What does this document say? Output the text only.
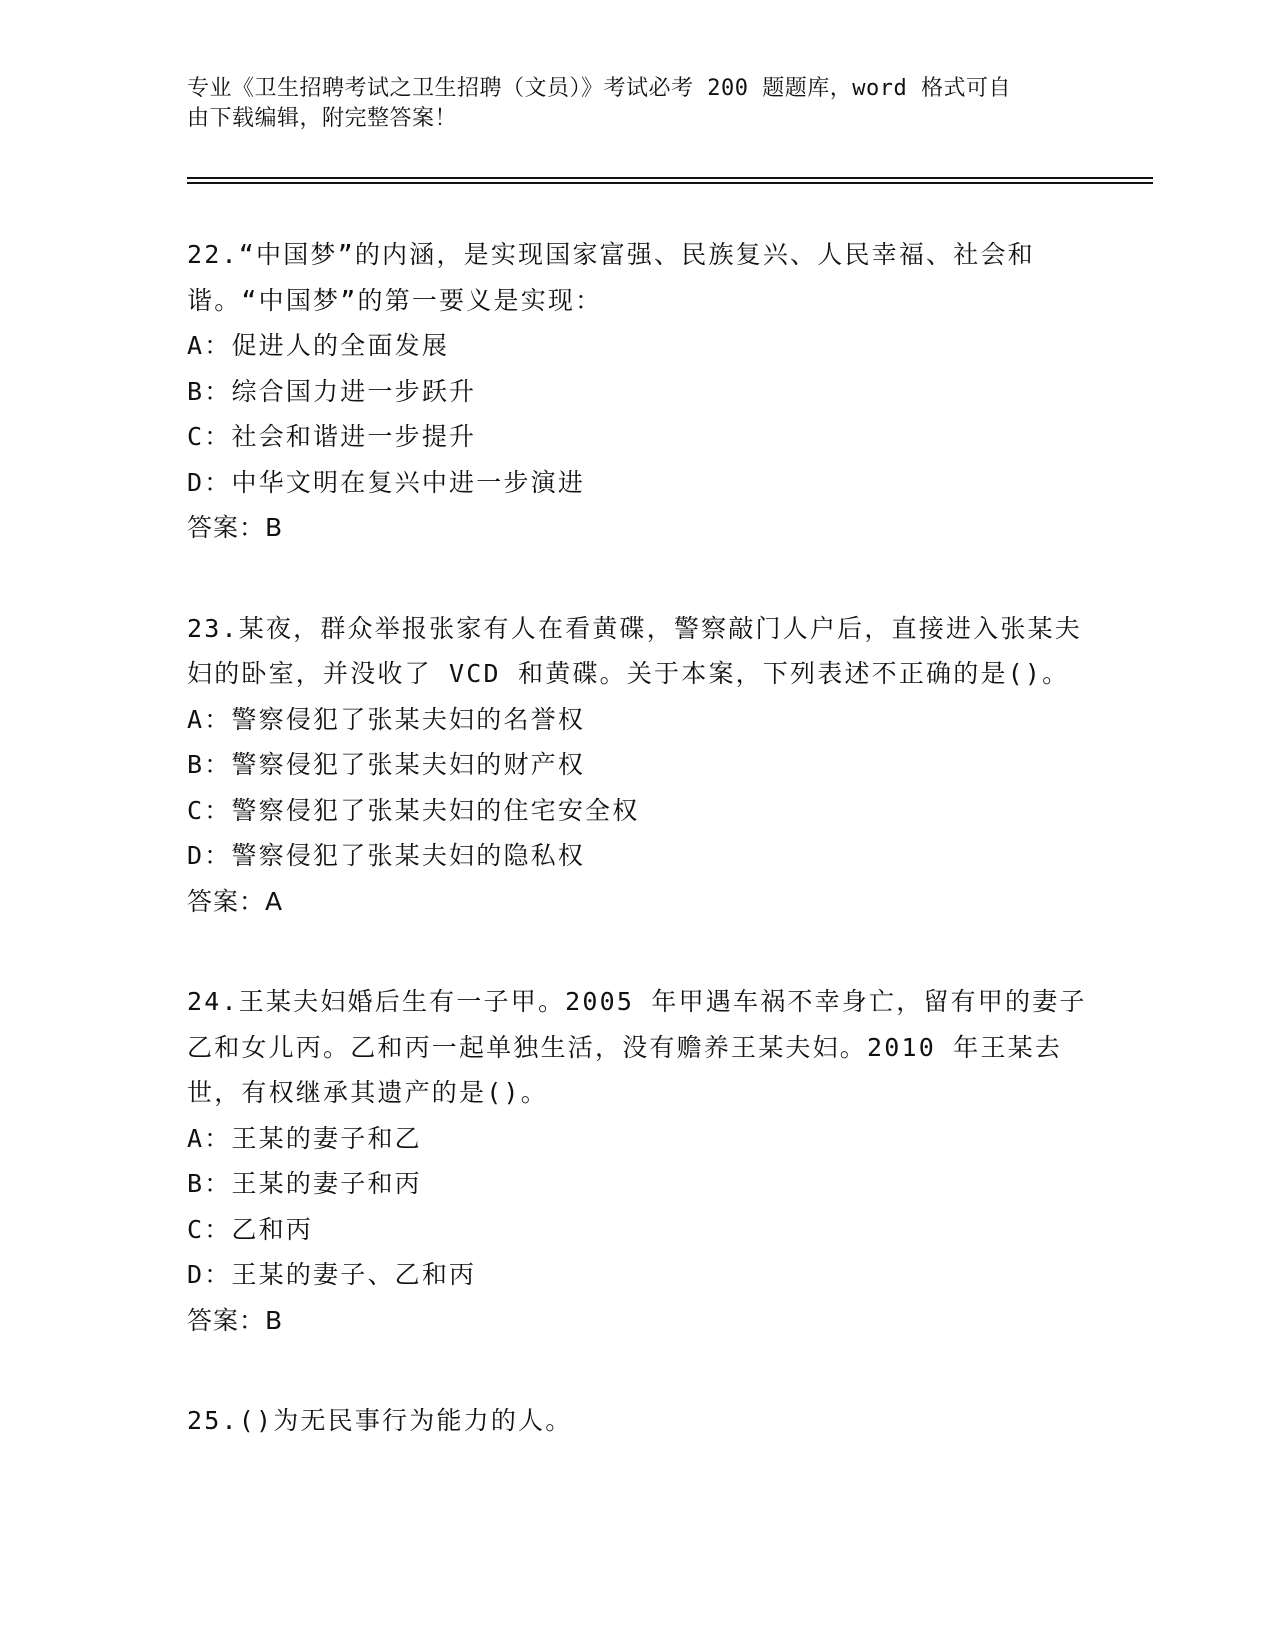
专业《卫生招聘考试之卫生招聘（文员）》考试必考 200 题题库，word 格式可自
由下载编辑，附完整答案！
22.“中国梦”的内涵，是实现国家富强、民族复兴、人民幸福、社会和谐。“中国梦”的第一要义是实现：
A：促进人的全面发展
B：综合国力进一步跃升
C：社会和谐进一步提升
D：中华文明在复兴中进一步演进
答案：B
23.某夜，群众举报张家有人在看黄碟，警察敲门人户后，直接进入张某夫妇的卧室，并没收了 VCD 和黄碟。关于本案，下列表述不正确的是()。
A：警察侵犯了张某夫妇的名誉权
B：警察侵犯了张某夫妇的财产权
C：警察侵犯了张某夫妇的住宅安全权
D：警察侵犯了张某夫妇的隐私权
答案：A
24.王某夫妇婚后生有一子甲。2005 年甲遇车祸不幸身亡，留有甲的妻子乙和女儿丙。乙和丙一起单独生活，没有赡养王某夫妇。2010 年王某去世，有权继承其遗产的是()。
A：王某的妻子和乙
B：王某的妻子和丙
C：乙和丙
D：王某的妻子、乙和丙
答案：B
25.()为无民事行为能力的人。
